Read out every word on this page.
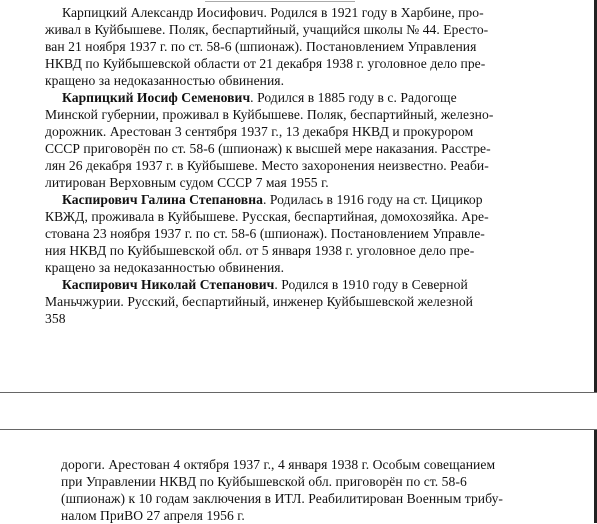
Карпицкий Александр Иосифович. Родился в 1921 году в Харбине, про-
живал в Куйбышеве. Поляк, беспартийный, учащийся школы № 44. Ересто-
ван 21 ноября 1937 г. по ст. 58-6 (шпионаж). Постановлением Управления
НКВД по Куйбышевской области от 21 декабря 1938 г. уголовное дело пре-
кращено за недоказанностью обвинения.
Карпицкий Иосиф Семенович. Родился в 1885 году в с. Радогоще
Минской губернии, проживал в Куйбышеве. Поляк, беспартийный, железно-
дорожник. Арестован 3 сентября 1937 г., 13 декабря НКВД и прокурором
СССР приговорён по ст. 58-6 (шпионаж) к высшей мере наказания. Расстре-
лян 26 декабря 1937 г. в Куйбышеве. Место захоронения неизвестно. Реаби-
литирован Верховным судом СССР 7 мая 1955 г.
Каспирович Галина Степановна. Родилась в 1916 году на ст. Цицикор
КВЖД, проживала в Куйбышеве. Русская, беспартийная, домохозяйка. Аре-
стована 23 ноября 1937 г. по ст. 58-6 (шпионаж). Постановлением Управле-
ния НКВД по Куйбышевской обл. от 5 января 1938 г. уголовное дело пре-
кращено за недоказанностью обвинения.
Каспирович Николай Степанович. Родился в 1910 году в Северной
Маньчжурии. Русский, беспартийный, инженер Куйбышевской железной
358
дороги. Арестован 4 октября 1937 г., 4 января 1938 г. Особым совещанием
при Управлении НКВД по Куйбышевской обл. приговорён по ст. 58-6
(шпионаж) к 10 годам заключения в ИТЛ. Реабилитирован Военным трибу-
налом ПриВО 27 апреля 1956 г.
